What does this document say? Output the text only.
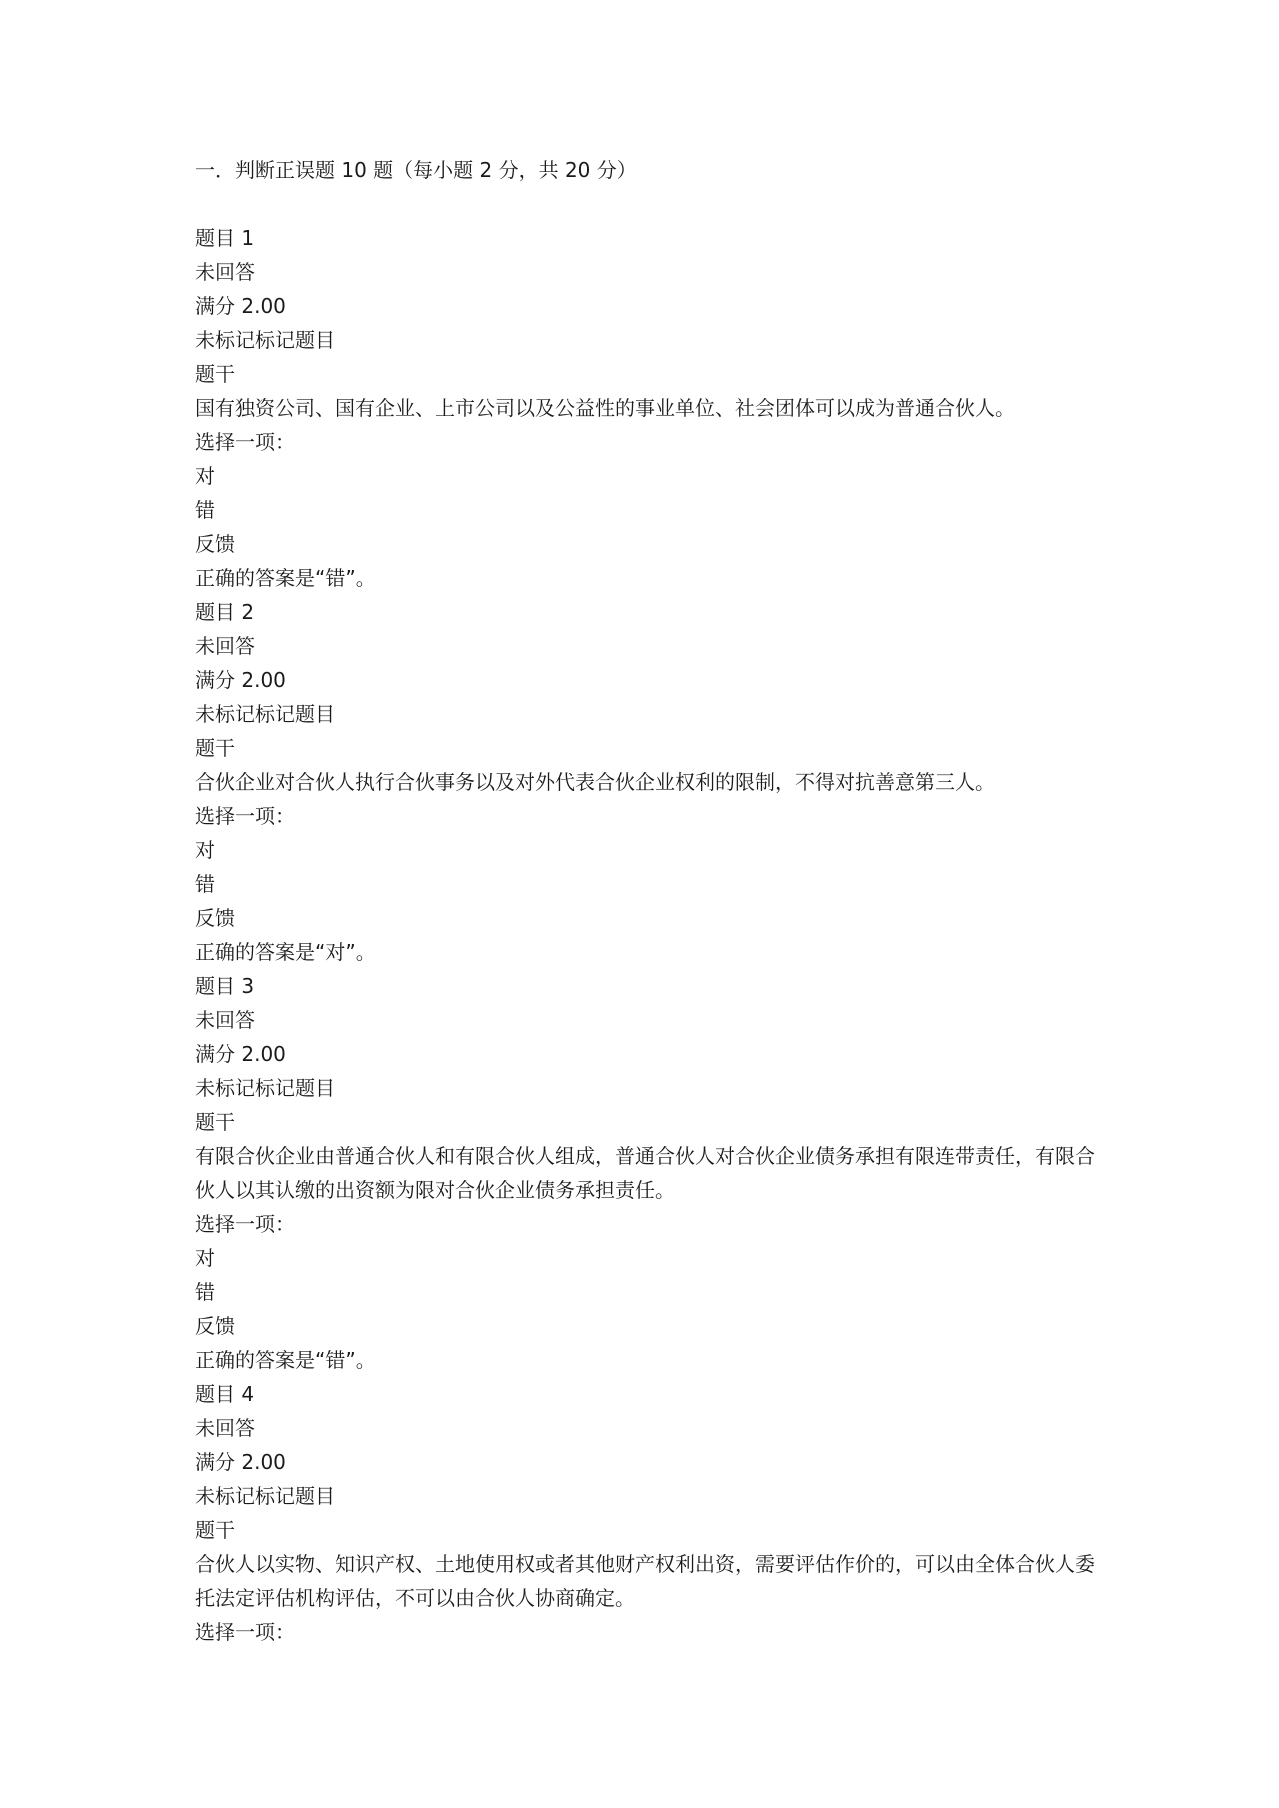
一．判断正误题 10 题（每小题 2 分，共 20 分）
题目 1
未回答
满分 2.00
未标记标记题目
题干
国有独资公司、国有企业、上市公司以及公益性的事业单位、社会团体可以成为普通合伙人。
选择一项：
对
错
反馈
正确的答案是“错”。
题目 2
未回答
满分 2.00
未标记标记题目
题干
合伙企业对合伙人执行合伙事务以及对外代表合伙企业权利的限制，不得对抗善意第三人。
选择一项：
对
错
反馈
正确的答案是“对”。
题目 3
未回答
满分 2.00
未标记标记题目
题干
有限合伙企业由普通合伙人和有限合伙人组成，普通合伙人对合伙企业债务承担有限连带责任，有限合伙人以其认缴的出资额为限对合伙企业债务承担责任。
选择一项：
对
错
反馈
正确的答案是“错”。
题目 4
未回答
满分 2.00
未标记标记题目
题干
合伙人以实物、知识产权、土地使用权或者其他财产权利出资，需要评估作价的，可以由全体合伙人委托法定评估机构评估，不可以由合伙人协商确定。
选择一项：
